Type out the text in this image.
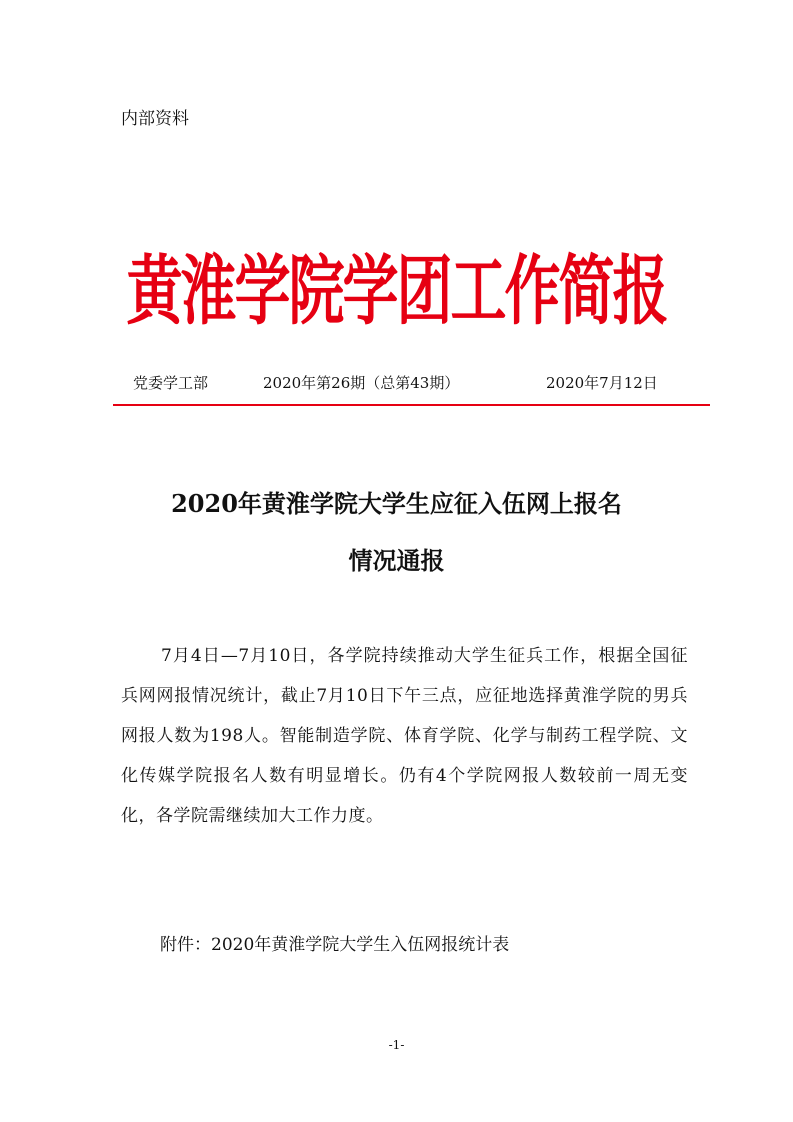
内部资料
黄淮学院学团工作简报
党委学工部	2020年第26期（总第43期）	2020年7月12日
2020年黄淮学院大学生应征入伍网上报名
情况通报
7月4日—7月10日，各学院持续推动大学生征兵工作，根据全国征兵网网报情况统计，截止7月10日下午三点，应征地选择黄淮学院的男兵网报人数为198人。智能制造学院、体育学院、化学与制药工程学院、文化传媒学院报名人数有明显增长。仍有4个学院网报人数较前一周无变化，各学院需继续加大工作力度。
附件：2020年黄淮学院大学生入伍网报统计表
-1-
